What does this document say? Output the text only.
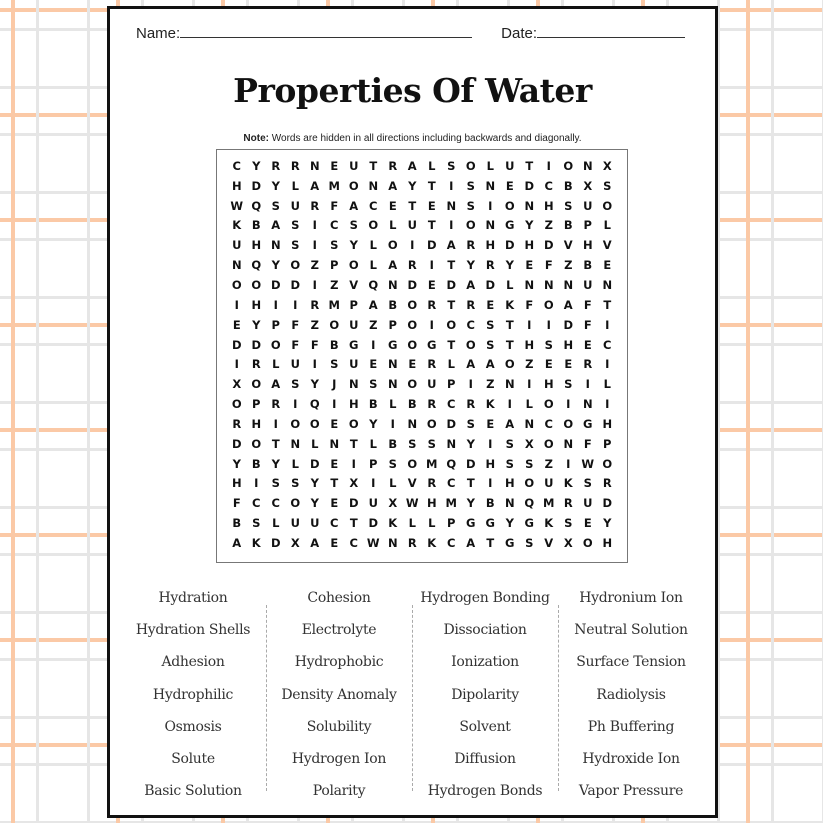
Name:	Date:
Properties Of Water
Note: Words are hidden in all directions including backwards and diagonally.
C Y R R N E U T R A L	S O L U T	I	O N X
H D Y	L A M O N A Y T	I	S N E D C B X S
W Q S U R F A C E	T	E N S	I	O N H S U O
K B A S	I	C S O L U T	I	O N G Y Z B P	L
U H N S	I	S Y	L O	I	D A R H D H D V H V
N Q Y O Z P O L A R	I	T Y R Y E	F Z B E
O O D D	I	Z V Q N D E D A D L N N N U N
I	H	I	I	R M P A B O R T R E K F O A F	T
E Y P F Z O U Z P O	I	O C S T	I	I	D F	I
D D O F	F B G	I	G O G T O S T H S H E C
I	R L U	I	S U E N E R L A A O Z E	E R	I
X O A S Y	J	N S N O U P	I	Z N	I	H S	I	L
O P R	I	Q	I	H B L B R C R K	I	L O	I	N	I
R H	I	O O E O Y	I	N O D S E A N C O G H
D O T N L N T	L B S S N Y	I	S X O N F P
Y B Y	L D E	I	P S O M Q D H S S Z	I W O
H	I	S S Y T X	I	L V R C T	I	H O U K S R
F C C O Y E D U X W H M Y B N Q M R U D
B S	L U U C T D K L	L	P G G Y G K S E Y
A K D X A E C W N R K C A T G S V X O H
Hydration
Hydration Shells
Adhesion
Hydrophilic
Osmosis
Solute
Basic Solution
Cohesion
Electrolyte
Hydrophobic
Density Anomaly
Solubility
Hydrogen Ion
Polarity
Hydrogen Bonding
Dissociation
Ionization
Dipolarity
Solvent
Diffusion
Hydrogen Bonds
Hydronium Ion
Neutral Solution
Surface Tension
Radiolysis
Ph Buffering
Hydroxide Ion
Vapor Pressure
